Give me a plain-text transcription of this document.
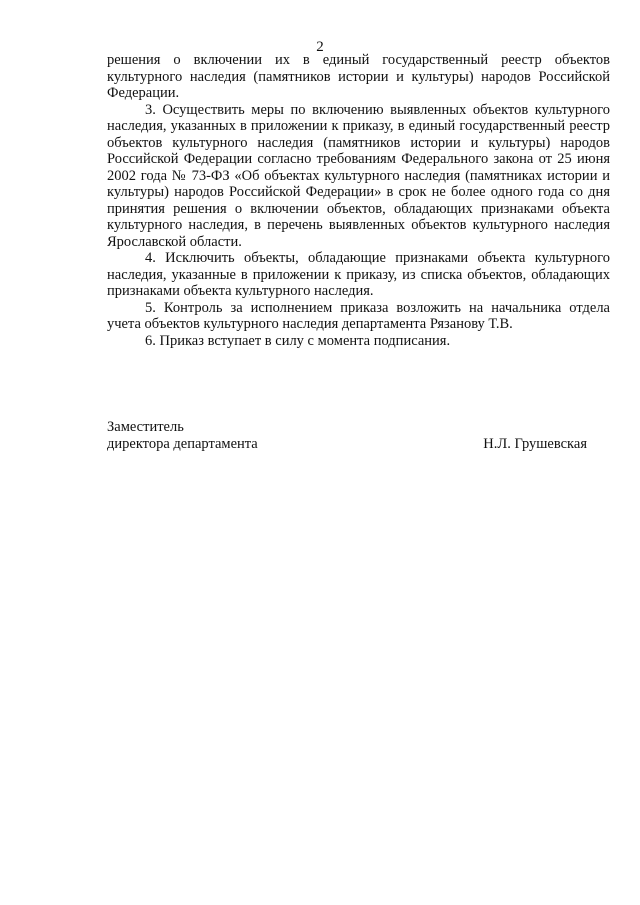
2

решения о включении их в единый государственный реестр объектов культурного наследия (памятников истории и культуры) народов Российской Федерации.

3. Осуществить меры по включению выявленных объектов культурного наследия, указанных в приложении к приказу, в единый государственный реестр объектов культурного наследия (памятников истории и культуры) народов Российской Федерации согласно требованиям Федерального закона от 25 июня 2002 года № 73-ФЗ «Об объектах культурного наследия (памятниках истории и культуры) народов Российской Федерации» в срок не более одного года со дня принятия решения о включении объектов, обладающих признаками объекта культурного наследия, в перечень выявленных объектов культурного наследия Ярославской области.

4. Исключить объекты, обладающие признаками объекта культурного наследия, указанные в приложении к приказу, из списка объектов, обладающих признаками объекта культурного наследия.

5. Контроль за исполнением приказа возложить на начальника отдела учета объектов культурного наследия департамента Рязанову Т.В.

6. Приказ вступает в силу с момента подписания.

Заместитель
директора департамента	Н.Л. Грушевская
